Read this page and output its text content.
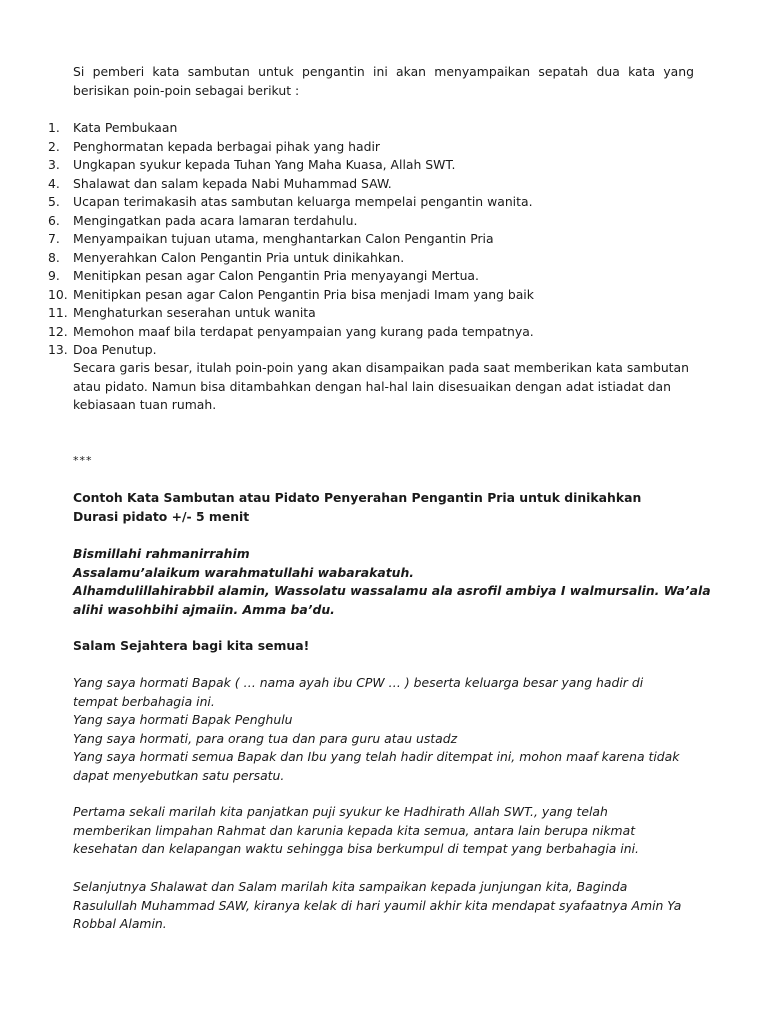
Si pemberi kata sambutan untuk pengantin ini akan menyampaikan sepatah dua kata yang berisikan poin-poin sebagai berikut :

1.	Kata Pembukaan
2.	Penghormatan kepada berbagai pihak yang hadir
3.	Ungkapan syukur kepada Tuhan Yang Maha Kuasa, Allah SWT.
4.	Shalawat dan salam kepada Nabi Muhammad SAW.
5.	Ucapan terimakasih atas sambutan keluarga mempelai pengantin wanita.
6.	Mengingatkan pada acara lamaran terdahulu.
7.	Menyampaikan tujuan utama, menghantarkan Calon Pengantin Pria
8.	Menyerahkan Calon Pengantin Pria untuk dinikahkan.
9.	Menitipkan pesan agar Calon Pengantin Pria menyayangi Mertua.
10. Menitipkan pesan agar Calon Pengantin Pria bisa menjadi Imam yang baik
11. Menghaturkan seserahan untuk wanita
12. Memohon maaf bila terdapat penyampaian yang kurang pada tempatnya.
13. Doa Penutup.
Secara garis besar, itulah poin-poin yang akan disampaikan pada saat memberikan kata sambutan
atau pidato. Namun bisa ditambahkan dengan hal-hal lain disesuaikan dengan adat istiadat dan
kebiasaan tuan rumah.
***
Contoh Kata Sambutan atau Pidato Penyerahan Pengantin Pria untuk dinikahkan
Durasi pidato +/- 5 menit
Bismillahi rahmanirrahim
Assalamu’alaikum warahmatullahi wabarakatuh.
Alhamdulillahirabbil alamin, Wassolatu wassalamu ala asrofil ambiya I walmursalin. Wa’ala
alihi wasohbihi ajmaiin. Amma ba’du.
Salam Sejahtera bagi kita semua!
Yang saya hormati Bapak ( … nama ayah ibu CPW … ) beserta keluarga besar yang hadir di
tempat berbahagia ini.
Yang saya hormati Bapak Penghulu
Yang saya hormati, para orang tua dan para guru atau ustadz
Yang saya hormati semua Bapak dan Ibu yang telah hadir ditempat ini, mohon maaf karena tidak
dapat menyebutkan satu persatu.
Pertama sekali marilah kita panjatkan puji syukur ke Hadhirath Allah SWT., yang telah
memberikan limpahan Rahmat dan karunia kepada kita semua, antara lain berupa nikmat
kesehatan dan kelapangan waktu sehingga bisa berkumpul di tempat yang berbahagia ini.
Selanjutnya Shalawat dan Salam marilah kita sampaikan kepada junjungan kita, Baginda
Rasulullah Muhammad SAW, kiranya kelak di hari yaumil akhir kita mendapat syafaatnya Amin Ya
Robbal Alamin.
